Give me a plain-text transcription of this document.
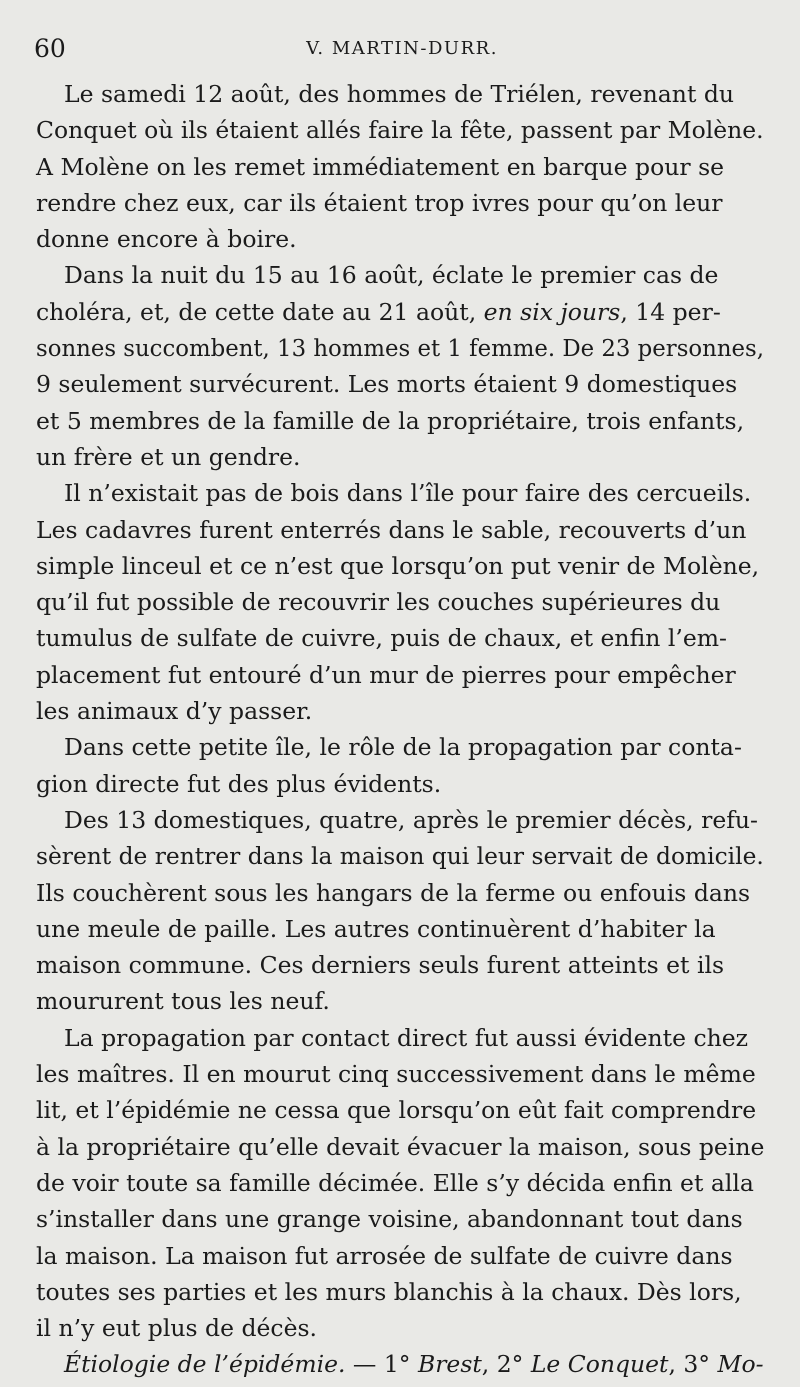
60	V. MARTIN-DURR.
Le samedi 12 août, des hommes de Triélen, revenant du
Conquet où ils étaient allés faire la fête, passent par Molène.
A Molène on les remet immédiatement en barque pour se
rendre chez eux, car ils étaient trop ivres pour qu’on leur
donne encore à boire.
Dans la nuit du 15 au 16 août, éclate le premier cas de
choléra, et, de cette date au 21 août, en six jours, 14 per-
sonnes succombent, 13 hommes et 1 femme. De 23 personnes,
9 seulement survécurent. Les morts étaient 9 domestiques
et 5 membres de la famille de la propriétaire, trois enfants,
un frère et un gendre.
Il n’existait pas de bois dans l’île pour faire des cercueils.
Les cadavres furent enterrés dans le sable, recouverts d’un
simple linceul et ce n’est que lorsqu’on put venir de Molène,
qu’il fut possible de recouvrir les couches supérieures du
tumulus de sulfate de cuivre, puis de chaux, et enfin l’em-
placement fut entouré d’un mur de pierres pour empêcher
les animaux d’y passer.
Dans cette petite île, le rôle de la propagation par conta-
gion directe fut des plus évidents.
Des 13 domestiques, quatre, après le premier décès, refu-
sèrent de rentrer dans la maison qui leur servait de domicile.
Ils couchèrent sous les hangars de la ferme ou enfouis dans
une meule de paille. Les autres continuèrent d’habiter la
maison commune. Ces derniers seuls furent atteints et ils
moururent tous les neuf.
La propagation par contact direct fut aussi évidente chez
les maîtres. Il en mourut cinq successivement dans le même
lit, et l’épidémie ne cessa que lorsqu’on eût fait comprendre
à la propriétaire qu’elle devait évacuer la maison, sous peine
de voir toute sa famille décimée. Elle s’y décida enfin et alla
s’installer dans une grange voisine, abandonnant tout dans
la maison. La maison fut arrosée de sulfate de cuivre dans
toutes ses parties et les murs blanchis à la chaux. Dès lors,
il n’y eut plus de décès.
Étiologie de l’épidémie. — 1° Brest, 2° Le Conquet, 3° Mo-
